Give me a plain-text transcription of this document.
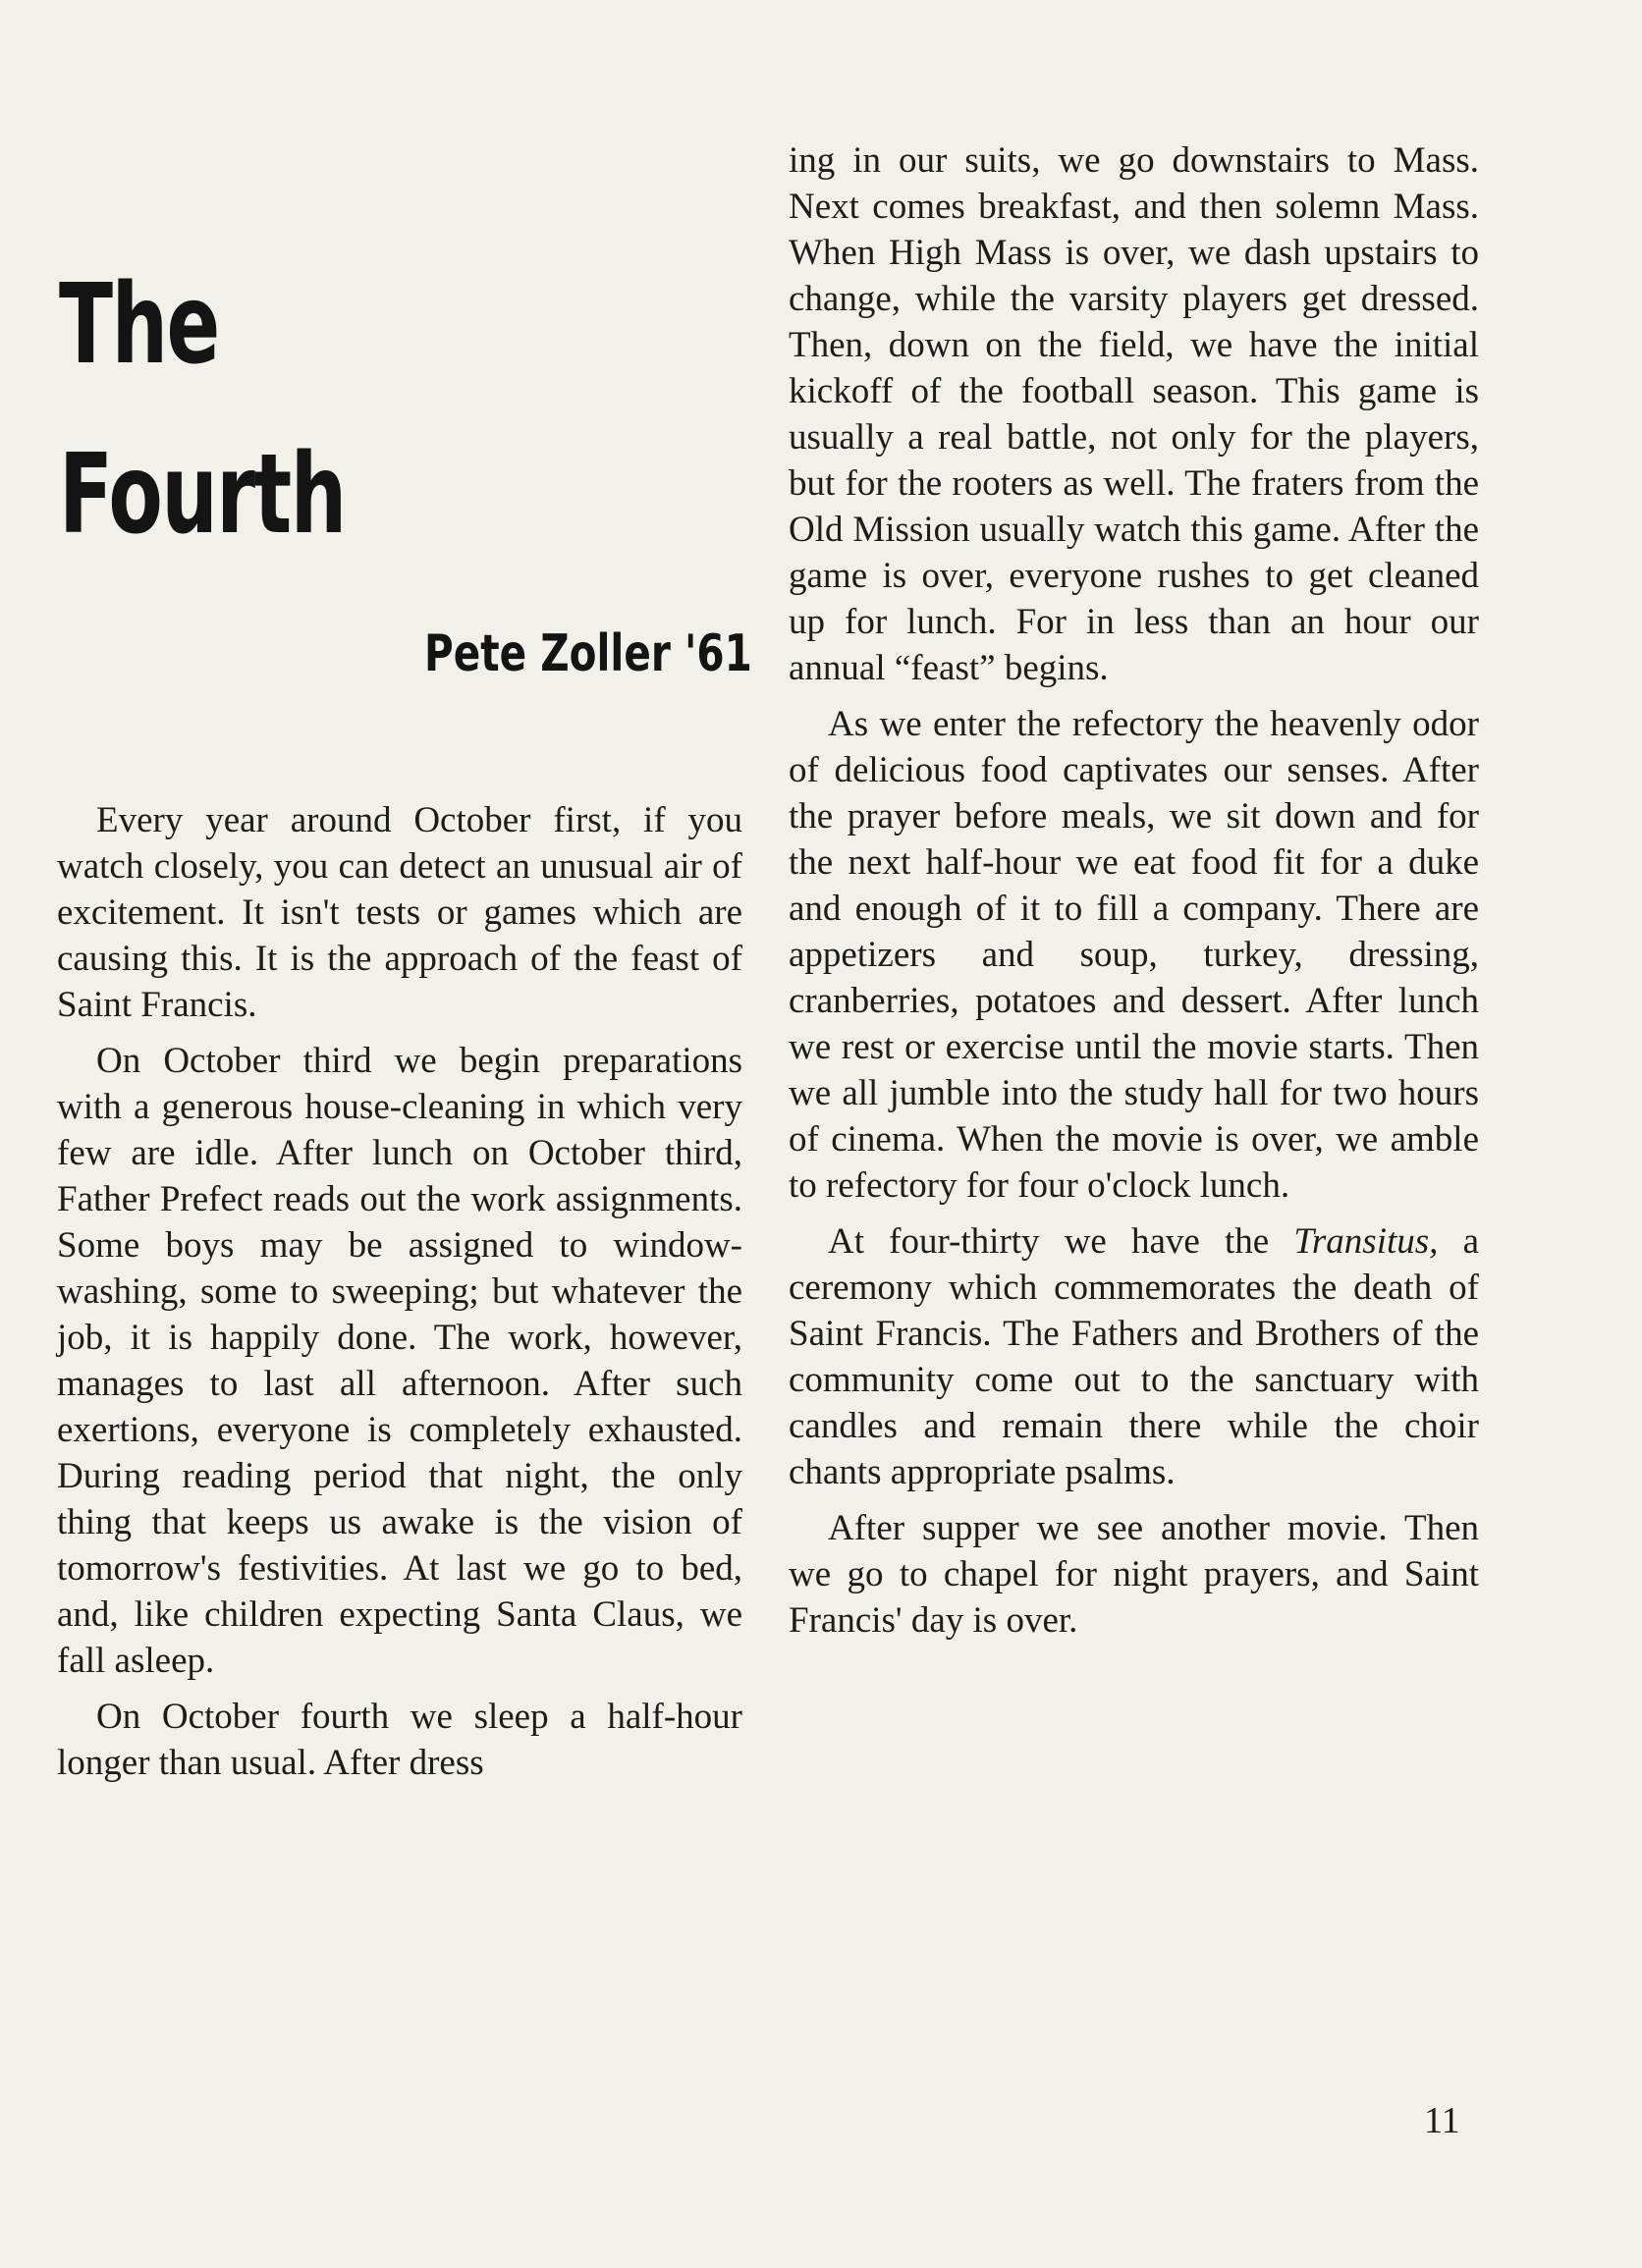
The
Fourth

Pete Zoller '61

Every year around October first, if you watch closely, you can detect an unusual air of excitement. It isn't tests or games which are causing this. It is the approach of the feast of Saint Francis.

On October third we begin preparations with a generous house-cleaning in which very few are idle. After lunch on October third, Father Prefect reads out the work assignments. Some boys may be assigned to window-washing, some to sweeping; but whatever the job, it is happily done. The work, however, manages to last all afternoon. After such exertions, everyone is completely exhausted. During reading period that night, the only thing that keeps us awake is the vision of tomorrow's festivities. At last we go to bed, and, like children expecting Santa Claus, we fall asleep.

On October fourth we sleep a half-hour longer than usual. After dress

ing in our suits, we go downstairs to Mass. Next comes breakfast, and then solemn Mass. When High Mass is over, we dash upstairs to change, while the varsity players get dressed. Then, down on the field, we have the initial kickoff of the football season. This game is usually a real battle, not only for the players, but for the rooters as well. The fraters from the Old Mission usually watch this game. After the game is over, everyone rushes to get cleaned up for lunch. For in less than an hour our annual “feast” begins.

As we enter the refectory the heavenly odor of delicious food captivates our senses. After the prayer before meals, we sit down and for the next half-hour we eat food fit for a duke and enough of it to fill a company. There are appetizers and soup, turkey, dressing, cranberries, potatoes and dessert. After lunch we rest or exercise until the movie starts. Then we all jumble into the study hall for two hours of cinema. When the movie is over, we amble to refectory for four o'clock lunch.

At four-thirty we have the Transitus, a ceremony which commemorates the death of Saint Francis. The Fathers and Brothers of the community come out to the sanctuary with candles and remain there while the choir chants appropriate psalms.

After supper we see another movie. Then we go to chapel for night prayers, and Saint Francis' day is over.

11
